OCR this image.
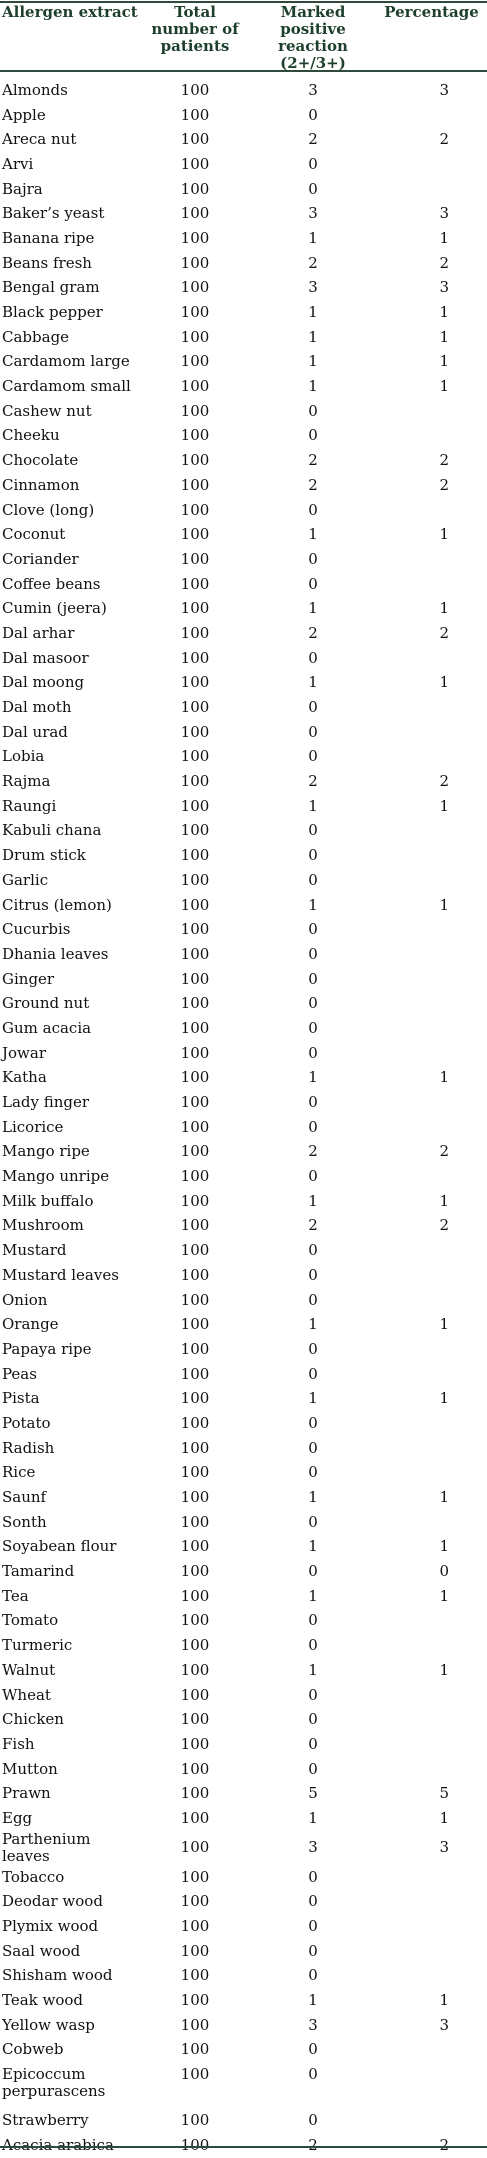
Allergen extract	Total number of patients	Marked positive reaction (2+/3+)	Percentage
Almonds	100	3	3
Apple	100	0	
Areca nut	100	2	2
Arvi	100	0	
Bajra	100	0	
Baker’s yeast	100	3	3
Banana ripe	100	1	1
Beans fresh	100	2	2
Bengal gram	100	3	3
Black pepper	100	1	1
Cabbage	100	1	1
Cardamom large	100	1	1
Cardamom small	100	1	1
Cashew nut	100	0	
Cheeku	100	0	
Chocolate	100	2	2
Cinnamon	100	2	2
Clove (long)	100	0	
Coconut	100	1	1
Coriander	100	0	
Coffee beans	100	0	
Cumin (jeera)	100	1	1
Dal arhar	100	2	2
Dal masoor	100	0	
Dal moong	100	1	1
Dal moth	100	0	
Dal urad	100	0	
Lobia	100	0	
Rajma	100	2	2
Raungi	100	1	1
Kabuli chana	100	0	
Drum stick	100	0	
Garlic	100	0	
Citrus (lemon)	100	1	1
Cucurbis	100	0	
Dhania leaves	100	0	
Ginger	100	0	
Ground nut	100	0	
Gum acacia	100	0	
Jowar	100	0	
Katha	100	1	1
Lady finger	100	0	
Licorice	100	0	
Mango ripe	100	2	2
Mango unripe	100	0	
Milk buffalo	100	1	1
Mushroom	100	2	2
Mustard	100	0	
Mustard leaves	100	0	
Onion	100	0	
Orange	100	1	1
Papaya ripe	100	0	
Peas	100	0	
Pista	100	1	1
Potato	100	0	
Radish	100	0	
Rice	100	0	
Saunf	100	1	1
Sonth	100	0	
Soyabean flour	100	1	1
Tamarind	100	0	0
Tea	100	1	1
Tomato	100	0	
Turmeric	100	0	
Walnut	100	1	1
Wheat	100	0	
Chicken	100	0	
Fish	100	0	
Mutton	100	0	
Prawn	100	5	5
Egg	100	1	1
Parthenium leaves	100	3	3
Tobacco	100	0	
Deodar wood	100	0	
Plymix wood	100	0	
Saal wood	100	0	
Shisham wood	100	0	
Teak wood	100	1	1
Yellow wasp	100	3	3
Cobweb	100	0	
Epicoccum perpurascens	100	0	
Strawberry	100	0	
Acacia arabica	100	2	2
